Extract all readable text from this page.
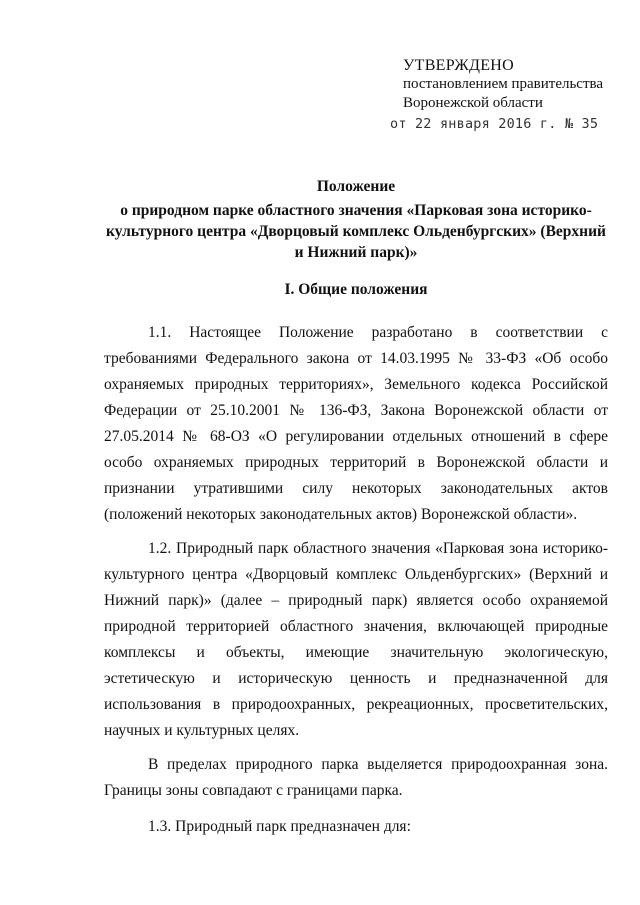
УТВЕРЖДЕНО
постановлением правительства
Воронежской области
от 22 января 2016 г. № 35
Положение
о природном парке областного значения «Парковая зона историко-культурного центра «Дворцовый комплекс Ольденбургских» (Верхний и Нижний парк)»
I. Общие положения

1.1. Настоящее Положение разработано в соответствии с требованиями Федерального закона от 14.03.1995 № 33-ФЗ «Об особо охраняемых природных территориях», Земельного кодекса Российской Федерации от 25.10.2001 № 136-ФЗ, Закона Воронежской области от 27.05.2014 № 68-ОЗ «О регулировании отдельных отношений в сфере особо охраняемых природных территорий в Воронежской области и признании утратившими силу некоторых законодательных актов (положений некоторых законодательных актов) Воронежской области».

1.2. Природный парк областного значения «Парковая зона историко-культурного центра «Дворцовый комплекс Ольденбургских» (Верхний и Нижний парк)» (далее – природный парк) является особо охраняемой природной территорией областного значения, включающей природные комплексы и объекты, имеющие значительную экологическую, эстетическую и историческую ценность и предназначенной для использования в природоохранных, рекреационных, просветительских, научных и культурных целях.

В пределах природного парка выделяется природоохранная зона. Границы зоны совпадают с границами парка.

1.3. Природный парк предназначен для:
